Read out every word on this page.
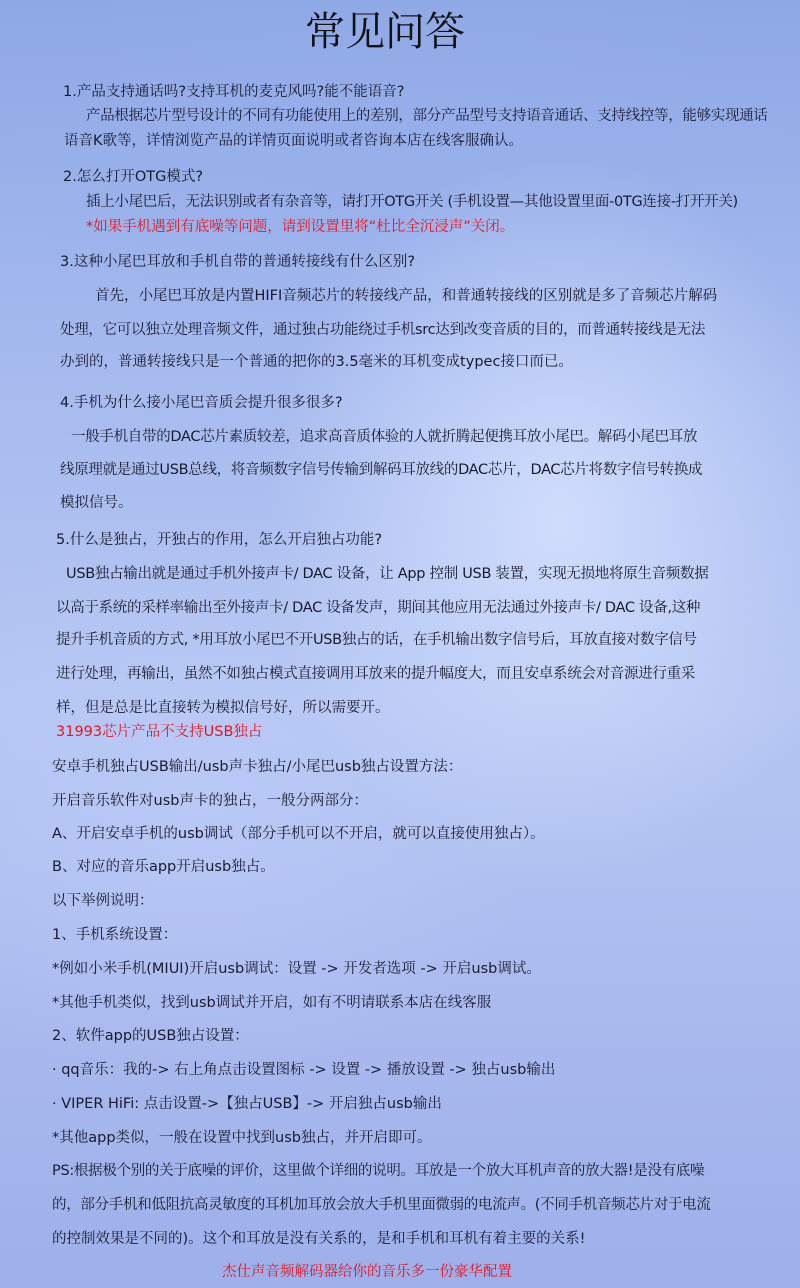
常见问答
1.产品支持通话吗?支持耳机的麦克风吗?能不能语音?
产品根据芯片型号设计的不同有功能使用上的差别，部分产品型号支持语音通话、支持线控等，能够实现通话
语音K歌等，详情浏览产品的详情页面说明或者咨询本店在线客服确认。
2.怎么打开OTG模式?
插上小尾巴后，无法识别或者有杂音等，请打开OTG开关 (手机设置—其他设置里面-0TG连接-打开开关)
*如果手机遇到有底噪等问题，请到设置里将“杜比全沉浸声”关闭。
3.这种小尾巴耳放和手机自带的普通转接线有什么区别?
首先，小尾巴耳放是内置HIFI音频芯片的转接线产品，和普通转接线的区别就是多了音频芯片解码
处理，它可以独立处理音频文件，通过独占功能绕过手机src达到改变音质的目的，而普通转接线是无法
办到的，普通转接线只是一个普通的把你的3.5毫米的耳机变成typec接口而已。
4.手机为什么接小尾巴音质会提升很多很多?
一般手机自带的DAC芯片素质较差，追求高音质体验的人就折腾起便携耳放小尾巴。解码小尾巴耳放
线原理就是通过USB总线，将音频数字信号传输到解码耳放线的DAC芯片，DAC芯片将数字信号转换成
模拟信号。
5.什么是独占，开独占的作用，怎么开启独占功能?
USB独占输出就是通过手机外接声卡/ DAC 设备，让 App 控制 USB 装置，实现无损地将原生音频数据
以高于系统的采样率输出至外接声卡/ DAC 设备发声，期间其他应用无法通过外接声卡/ DAC 设备,这种
提升手机音质的方式, *用耳放小尾巴不开USB独占的话，在手机输出数字信号后，耳放直接对数字信号
进行处理，再输出，虽然不如独占模式直接调用耳放来的提升幅度大，而且安卓系统会对音源进行重采
样，但是总是比直接转为模拟信号好，所以需要开。
31993芯片产品不支持USB独占
安卓手机独占USB输出/usb声卡独占/小尾巴usb独占设置方法：
开启音乐软件对usb声卡的独占，一般分两部分：
A、开启安卓手机的usb调试（部分手机可以不开启，就可以直接使用独占）。
B、对应的音乐app开启usb独占。
以下举例说明：
1、手机系统设置：
*例如小米手机(MIUI)开启usb调试：设置 -> 开发者选项 -> 开启usb调试。
*其他手机类似，找到usb调试并开启，如有不明请联系本店在线客服
2、软件app的USB独占设置：
· qq音乐：我的-> 右上角点击设置图标 -> 设置 -> 播放设置 -> 独占usb输出
· VIPER HiFi: 点击设置->【独占USB】-> 开启独占usb输出
*其他app类似，一般在设置中找到usb独占，并开启即可。
PS:根据极个别的关于底噪的评价，这里做个详细的说明。耳放是一个放大耳机声音的放大器!是没有底噪
的，部分手机和低阻抗高灵敏度的耳机加耳放会放大手机里面微弱的电流声。(不同手机音频芯片对于电流
的控制效果是不同的)。这个和耳放是没有关系的，是和手机和耳机有着主要的关系!
杰仕声音频解码器给你的音乐多一份豪华配置
